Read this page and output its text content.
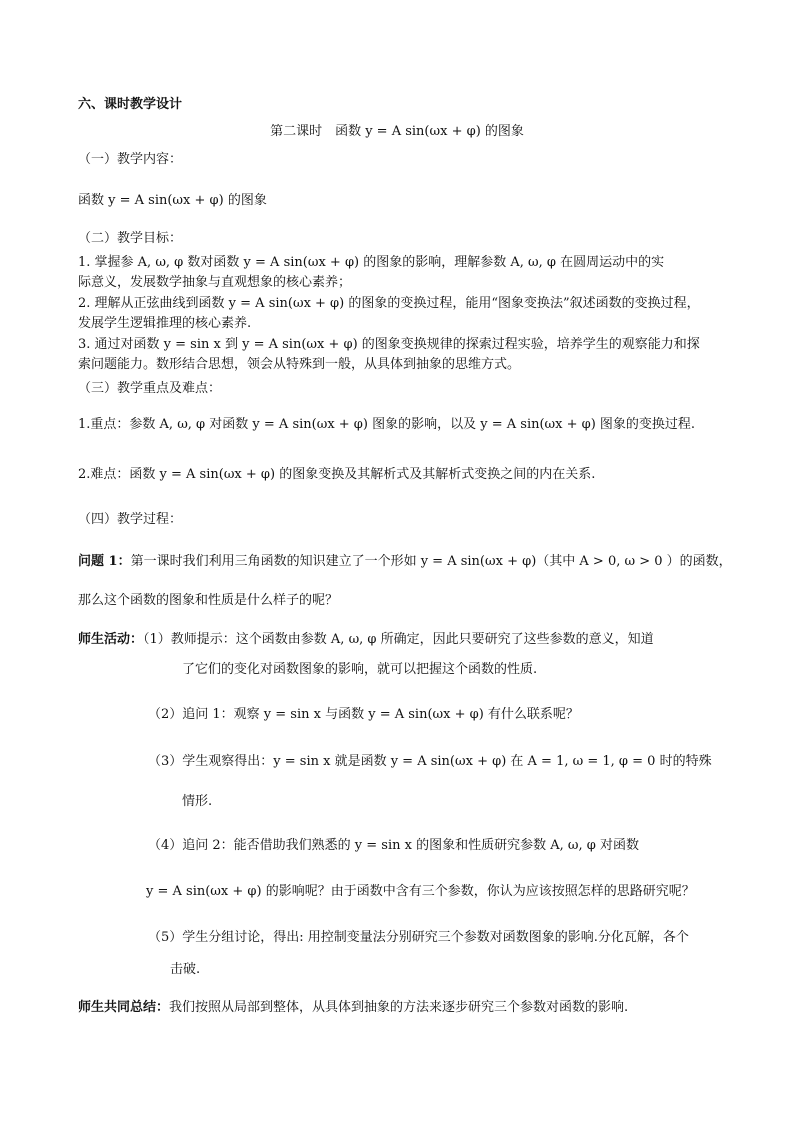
六、课时教学设计
第二课时　函数 y = A sin(ωx + φ) 的图象
（一）教学内容：
函数 y = A sin(ωx + φ) 的图象
（二）教学目标：
1. 掌握参 A, ω, φ 数对函数 y = A sin(ωx + φ) 的图象的影响，理解参数 A, ω, φ 在圆周运动中的实
际意义，发展数学抽象与直观想象的核心素养；
2. 理解从正弦曲线到函数 y = A sin(ωx + φ) 的图象的变换过程，能用“图象变换法”叙述函数的变换过程，
发展学生逻辑推理的核心素养.
3. 通过对函数 y = sin x 到 y = A sin(ωx + φ) 的图象变换规律的探索过程实验，培养学生的观察能力和探
索问题能力。数形结合思想，领会从特殊到一般，从具体到抽象的思维方式。
（三）教学重点及难点：
1.重点：参数 A, ω, φ 对函数 y = A sin(ωx + φ) 图象的影响，以及 y = A sin(ωx + φ) 图象的变换过程.
2.难点：函数 y = A sin(ωx + φ) 的图象变换及其解析式及其解析式变换之间的内在关系.
（四）教学过程：
问题 1：第一课时我们利用三角函数的知识建立了一个形如 y = A sin(ωx + φ)（其中 A > 0, ω > 0 ）的函数，
那么这个函数的图象和性质是什么样子的呢？
师生活动：（1）教师提示：这个函数由参数 A, ω, φ 所确定，因此只要研究了这些参数的意义，知道
了它们的变化对函数图象的影响，就可以把握这个函数的性质.
（2）追问 1：观察 y = sin x 与函数 y = A sin(ωx + φ) 有什么联系呢？
（3）学生观察得出：y = sin x 就是函数 y = A sin(ωx + φ) 在 A = 1, ω = 1, φ = 0 时的特殊
情形.
（4）追问 2：能否借助我们熟悉的 y = sin x 的图象和性质研究参数 A, ω, φ 对函数
y = A sin(ωx + φ) 的影响呢？由于函数中含有三个参数，你认为应该按照怎样的思路研究呢？
（5）学生分组讨论，得出: 用控制变量法分别研究三个参数对函数图象的影响.分化瓦解，各个
击破.
师生共同总结：我们按照从局部到整体，从具体到抽象的方法来逐步研究三个参数对函数的影响.
